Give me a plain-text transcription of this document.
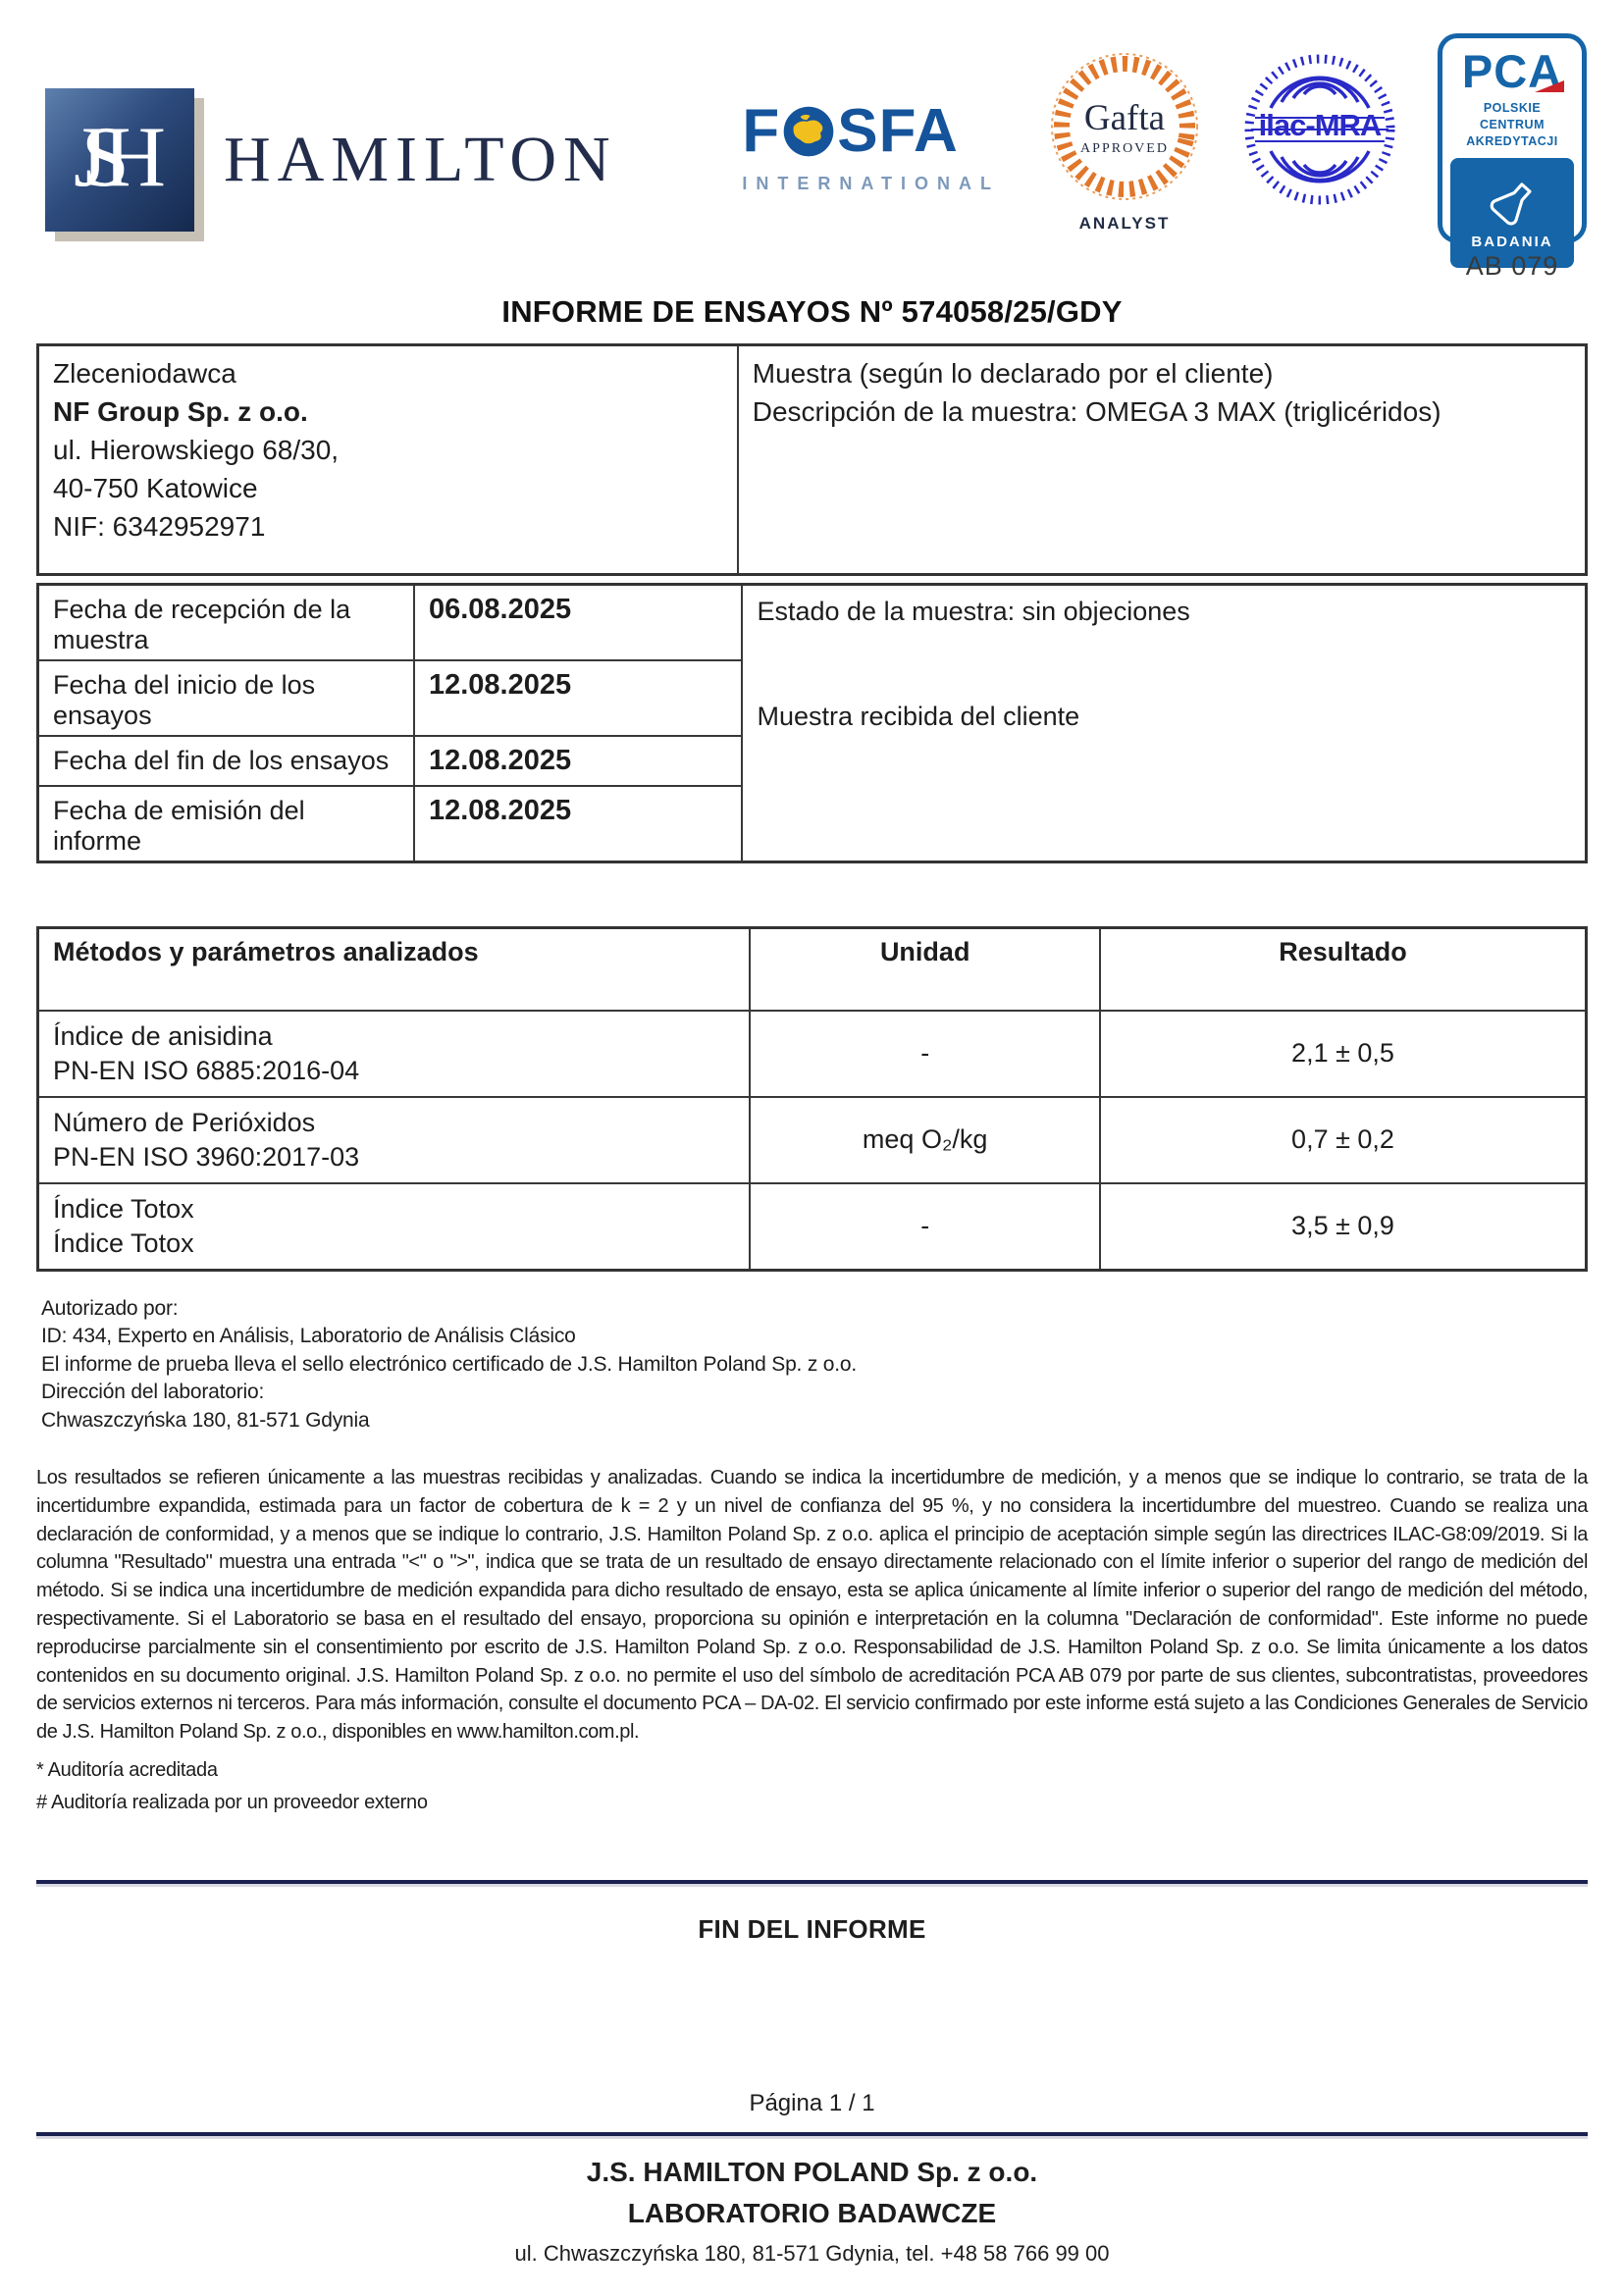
JSH	HAMILTON F SFA
INTERNATIONAL
Gafta
APPROVED
ANALYST
ilac-MRA
PCA
POLSKIE CENTRUM
AKREDYTACJI
BADANIA
AB 079
INFORME DE ENSAYOS Nº 574058/25/GDY
Zleceniodawca
NF Group Sp. z o.o.
ul. Hierowskiego 68/30,
40-750 Katowice
NIF: 6342952971

Muestra (según lo declarado por el cliente)
Descripción de la muestra: OMEGA 3 MAX (triglicéridos)
Fecha de recepción de la muestra	06.08.2025	Estado de la muestra: sin objeciones
Muestra recibida del cliente

Fecha del inicio de los ensayos	12.08.2025	
Fecha del fin de los ensayos	12.08.2025	
Fecha de emisión del informe	12.08.2025	
Métodos y parámetros analizados	Unidad	Resultado

Índice de anisidina
PN-EN ISO 6885:2016-04	-	2,1 ± 0,5

Número de Perióxidos
PN-EN ISO 3960:2017-03	meq O₂/kg	0,7 ± 0,2

Índice Totox
Índice Totox	-	3,5 ± 0,9
Autorizado por:
ID: 434, Experto en Análisis, Laboratorio de Análisis Clásico
El informe de prueba lleva el sello electrónico certificado de J.S. Hamilton Poland Sp. z o.o.
Dirección del laboratorio:
Chwaszczyńska 180, 81-571 Gdynia
Los resultados se refieren únicamente a las muestras recibidas y analizadas. Cuando se indica la incertidumbre de medición, y a menos que se indique lo contrario, se trata de la incertidumbre expandida, estimada para un factor de cobertura de k = 2 y un nivel de confianza del 95 %, y no considera la incertidumbre del muestreo. Cuando se realiza una declaración de conformidad, y a menos que se indique lo contrario, J.S. Hamilton Poland Sp. z o.o. aplica el principio de aceptación simple según las directrices ILAC-G8:09/2019. Si la columna "Resultado" muestra una entrada "<" o ">", indica que se trata de un resultado de ensayo directamente relacionado con el límite inferior o superior del rango de medición del método. Si se indica una incertidumbre de medición expandida para dicho resultado de ensayo, esta se aplica únicamente al límite inferior o superior del rango de medición del método, respectivamente. Si el Laboratorio se basa en el resultado del ensayo, proporciona su opinión e interpretación en la columna "Declaración de conformidad". Este informe no puede reproducirse parcialmente sin el consentimiento por escrito de J.S. Hamilton Poland Sp. z o.o. Responsabilidad de J.S. Hamilton Poland Sp. z o.o. Se limita únicamente a los datos contenidos en su documento original. J.S. Hamilton Poland Sp. z o.o. no permite el uso del símbolo de acreditación PCA AB 079 por parte de sus clientes, subcontratistas, proveedores de servicios externos ni terceros. Para más información, consulte el documento PCA – DA-02. El servicio confirmado por este informe está sujeto a las Condiciones Generales de Servicio de J.S. Hamilton Poland Sp. z o.o., disponibles en www.hamilton.com.pl.
* Auditoría acreditada
# Auditoría realizada por un proveedor externo
FIN DEL INFORME
Página 1 / 1
J.S. HAMILTON POLAND Sp. z o.o.
LABORATORIO BADAWCZE
ul. Chwaszczyńska 180, 81-571 Gdynia, tel. +48 58 766 99 00
